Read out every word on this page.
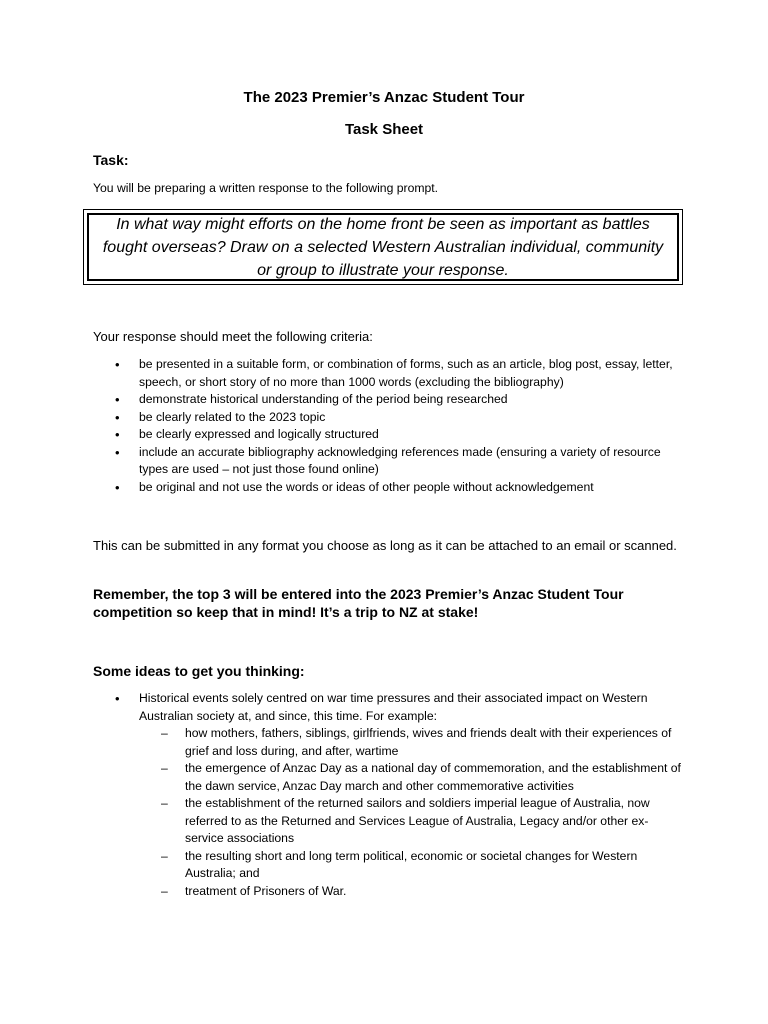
The 2023 Premier’s Anzac Student Tour
Task Sheet
Task:
You will be preparing a written response to the following prompt.
In what way might efforts on the home front be seen as important as battles fought overseas? Draw on a selected Western Australian individual, community or group to illustrate your response.
Your response should meet the following criteria:
• be presented in a suitable form, or combination of forms, such as an article, blog post, essay, letter, speech, or short story of no more than 1000 words (excluding the bibliography)
• demonstrate historical understanding of the period being researched
• be clearly related to the 2023 topic
• be clearly expressed and logically structured
• include an accurate bibliography acknowledging references made (ensuring a variety of resource types are used – not just those found online)
• be original and not use the words or ideas of other people without acknowledgement
This can be submitted in any format you choose as long as it can be attached to an email or scanned.
Remember, the top 3 will be entered into the 2023 Premier’s Anzac Student Tour competition so keep that in mind! It’s a trip to NZ at stake!
Some ideas to get you thinking:
• Historical events solely centred on war time pressures and their associated impact on Western Australian society at, and since, this time. For example:
– how mothers, fathers, siblings, girlfriends, wives and friends dealt with their experiences of grief and loss during, and after, wartime
– the emergence of Anzac Day as a national day of commemoration, and the establishment of the dawn service, Anzac Day march and other commemorative activities
– the establishment of the returned sailors and soldiers imperial league of Australia, now referred to as the Returned and Services League of Australia, Legacy and/or other ex-service associations
– the resulting short and long term political, economic or societal changes for Western Australia; and
– treatment of Prisoners of War.
